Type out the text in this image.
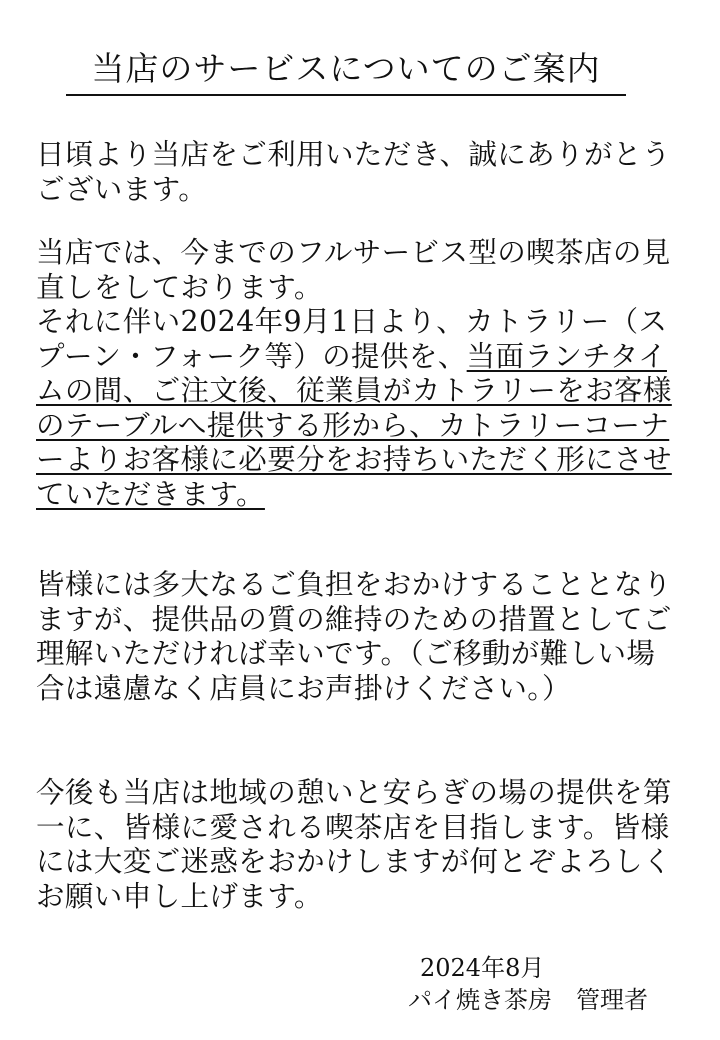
当店のサービスについてのご案内

日頃より当店をご利用いただき、誠にありがとうございます。

当店では、今までのフルサービス型の喫茶店の見直しをしております。
それに伴い2024年9月1日より、カトラリー（スプーン・フォーク等）の提供を、当面ランチタイムの間、ご注文後、従業員がカトラリーをお客様のテーブルへ提供する形から、カトラリーコーナーよりお客様に必要分をお持ちいただく形にさせていただきます。

皆様には多大なるご負担をおかけすることとなりますが、提供品の質の維持のための措置としてご理解いただければ幸いです。（ご移動が難しい場合は遠慮なく店員にお声掛けください。）

今後も当店は地域の憩いと安らぎの場の提供を第一に、皆様に愛される喫茶店を目指します。皆様には大変ご迷惑をおかけしますが何とぞよろしくお願い申し上げます。

2024年8月

パイ焼き茶房　管理者
